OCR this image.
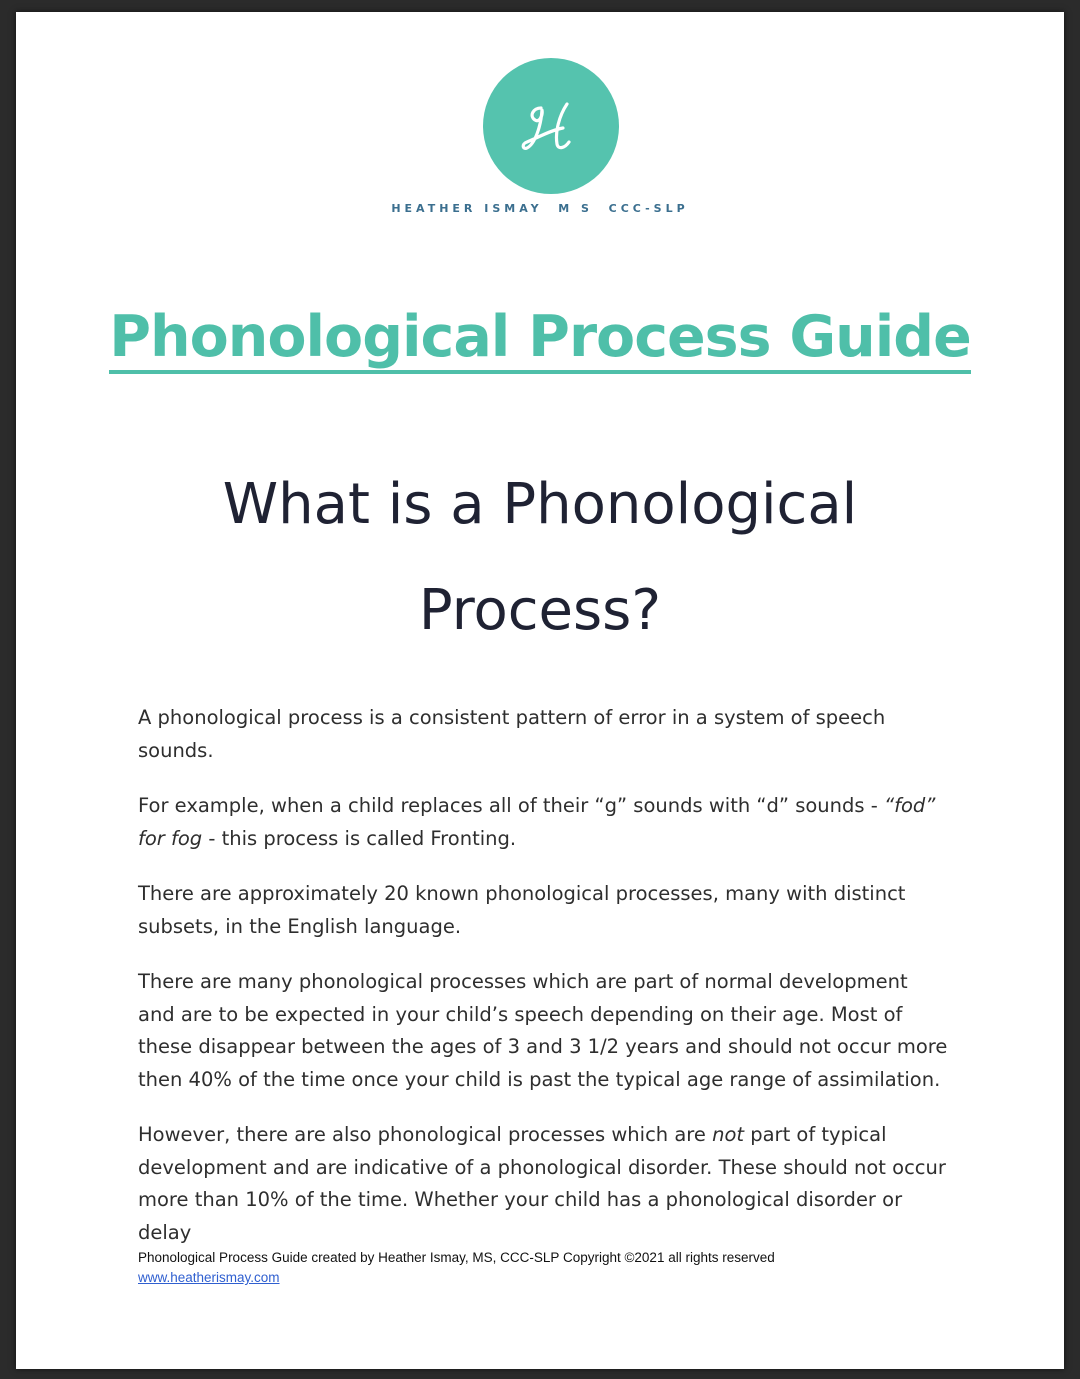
HEATHER ISMAY  M S  CCC-SLP
Phonological Process Guide
What is a Phonological
Process?

A phonological process is a consistent pattern of error in a system of speech sounds.

For example, when a child replaces all of their “g” sounds with “d” sounds - “fod” for fog - this process is called Fronting.

There are approximately 20 known phonological processes, many with distinct subsets, in the English language.

There are many phonological processes which are part of normal development and are to be expected in your child’s speech depending on their age. Most of these disappear between the ages of 3 and 3 1/2 years and should not occur more then 40% of the time once your child is past the typical age range of assimilation.

However, there are also phonological processes which are not part of typical development and are indicative of a phonological disorder. These should not occur more than 10% of the time. Whether your child has a phonological disorder or delay

Phonological Process Guide created by Heather Ismay, MS, CCC-SLP Copyright ©2021 all rights reserved
www.heatherismay.com
